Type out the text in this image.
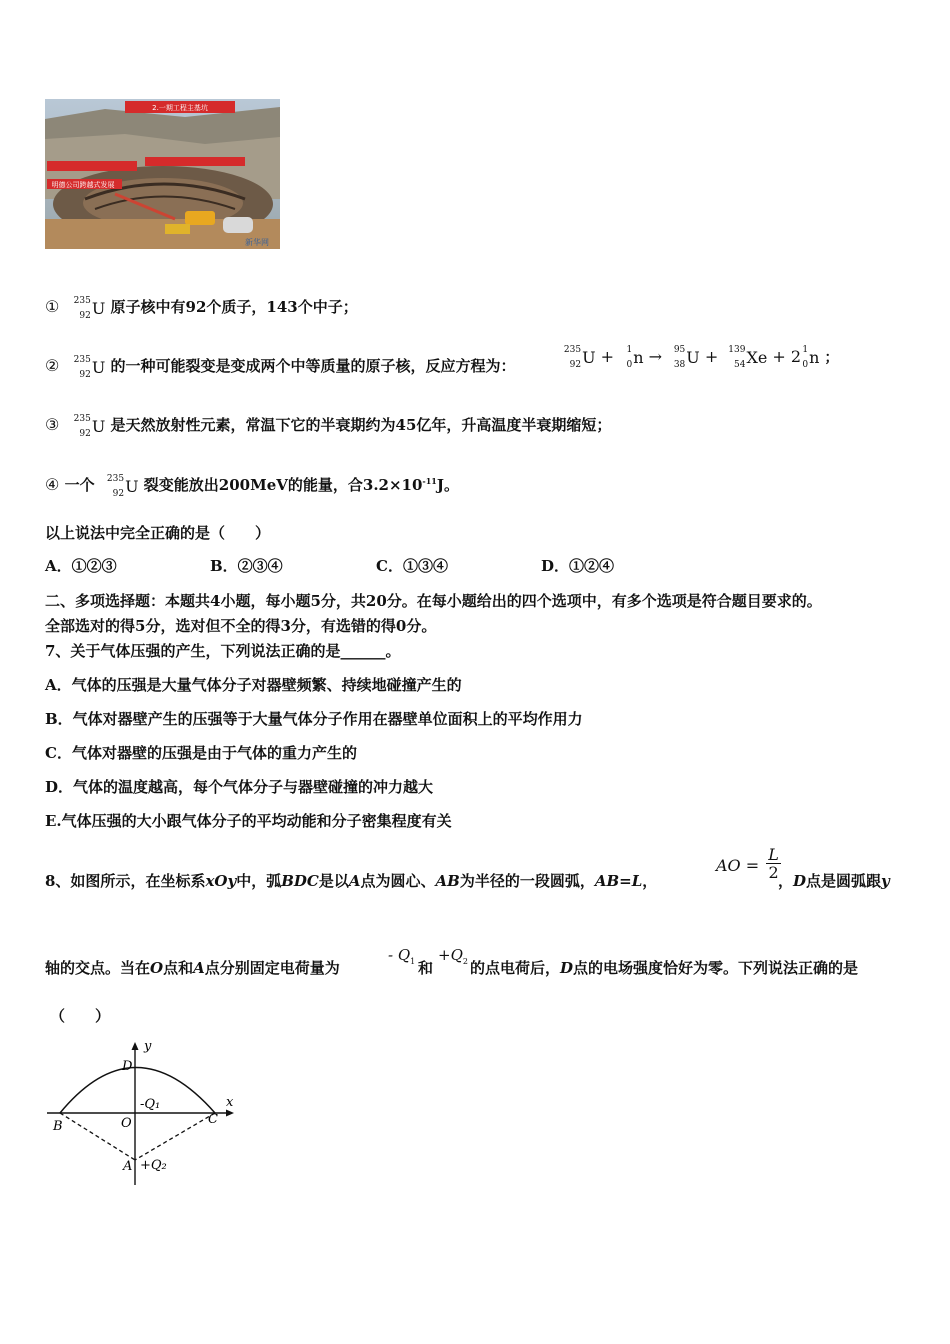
2.一期工程主基坑
明德公司跨越式发展
新华网
① 235
92 U 原子核中有92个质子，143个中子；
② 235
92 U 的一种可能裂变是变成两个中等质量的原子核，反应方程为：

235
92 U + 1
0 n → 95
38 U + 139
54 Xe + 2 1
0 n ；
③ 235
92 U 是天然放射性元素，常温下它的半衰期约为45亿年，升高温度半衰期缩短；
④ 一个 235
92 U 裂变能放出200MeV的能量，合$3.2\times 10^{-11}J$。
以上说法中完全正确的是（　　）
A．①②③	B．②③④	C．①③④	D．①②④
二、多项选择题：本题共4小题，每小题5分，共20分。在每小题给出的四个选项中，有多个选项是符合题目要求的。
全部选对的得5分，选对但不全的得3分，有选错的得0分。
7、关于气体压强的产生，下列说法正确的是______。
A．气体的压强是大量气体分子对器壁频繁、持续地碰撞产生的
B．气体对器壁产生的压强等于大量气体分子作用在器壁单位面积上的平均作用力
C．气体对器壁的压强是由于气体的重力产生的
D．气体的温度越高，每个气体分子与器壁碰撞的冲力越大
E.气体压强的大小跟气体分子的平均动能和分子密集程度有关
8、如图所示，在坐标系xOy中，弧BDC是以A点为圆心、AB为半径的一段圆弧，AB=L，
AO = $\frac{L}{2}$
，D点是圆弧跟y
轴的交点。当在O点和A点分别固定电荷量为
- $Q_1$ 和
$+Q_2$ 的点电荷后，D点的电场强度恰好为零。下列说法正确的是
（　　）
y
x
D
B	O	C
A
-Q₁
+Q₂
